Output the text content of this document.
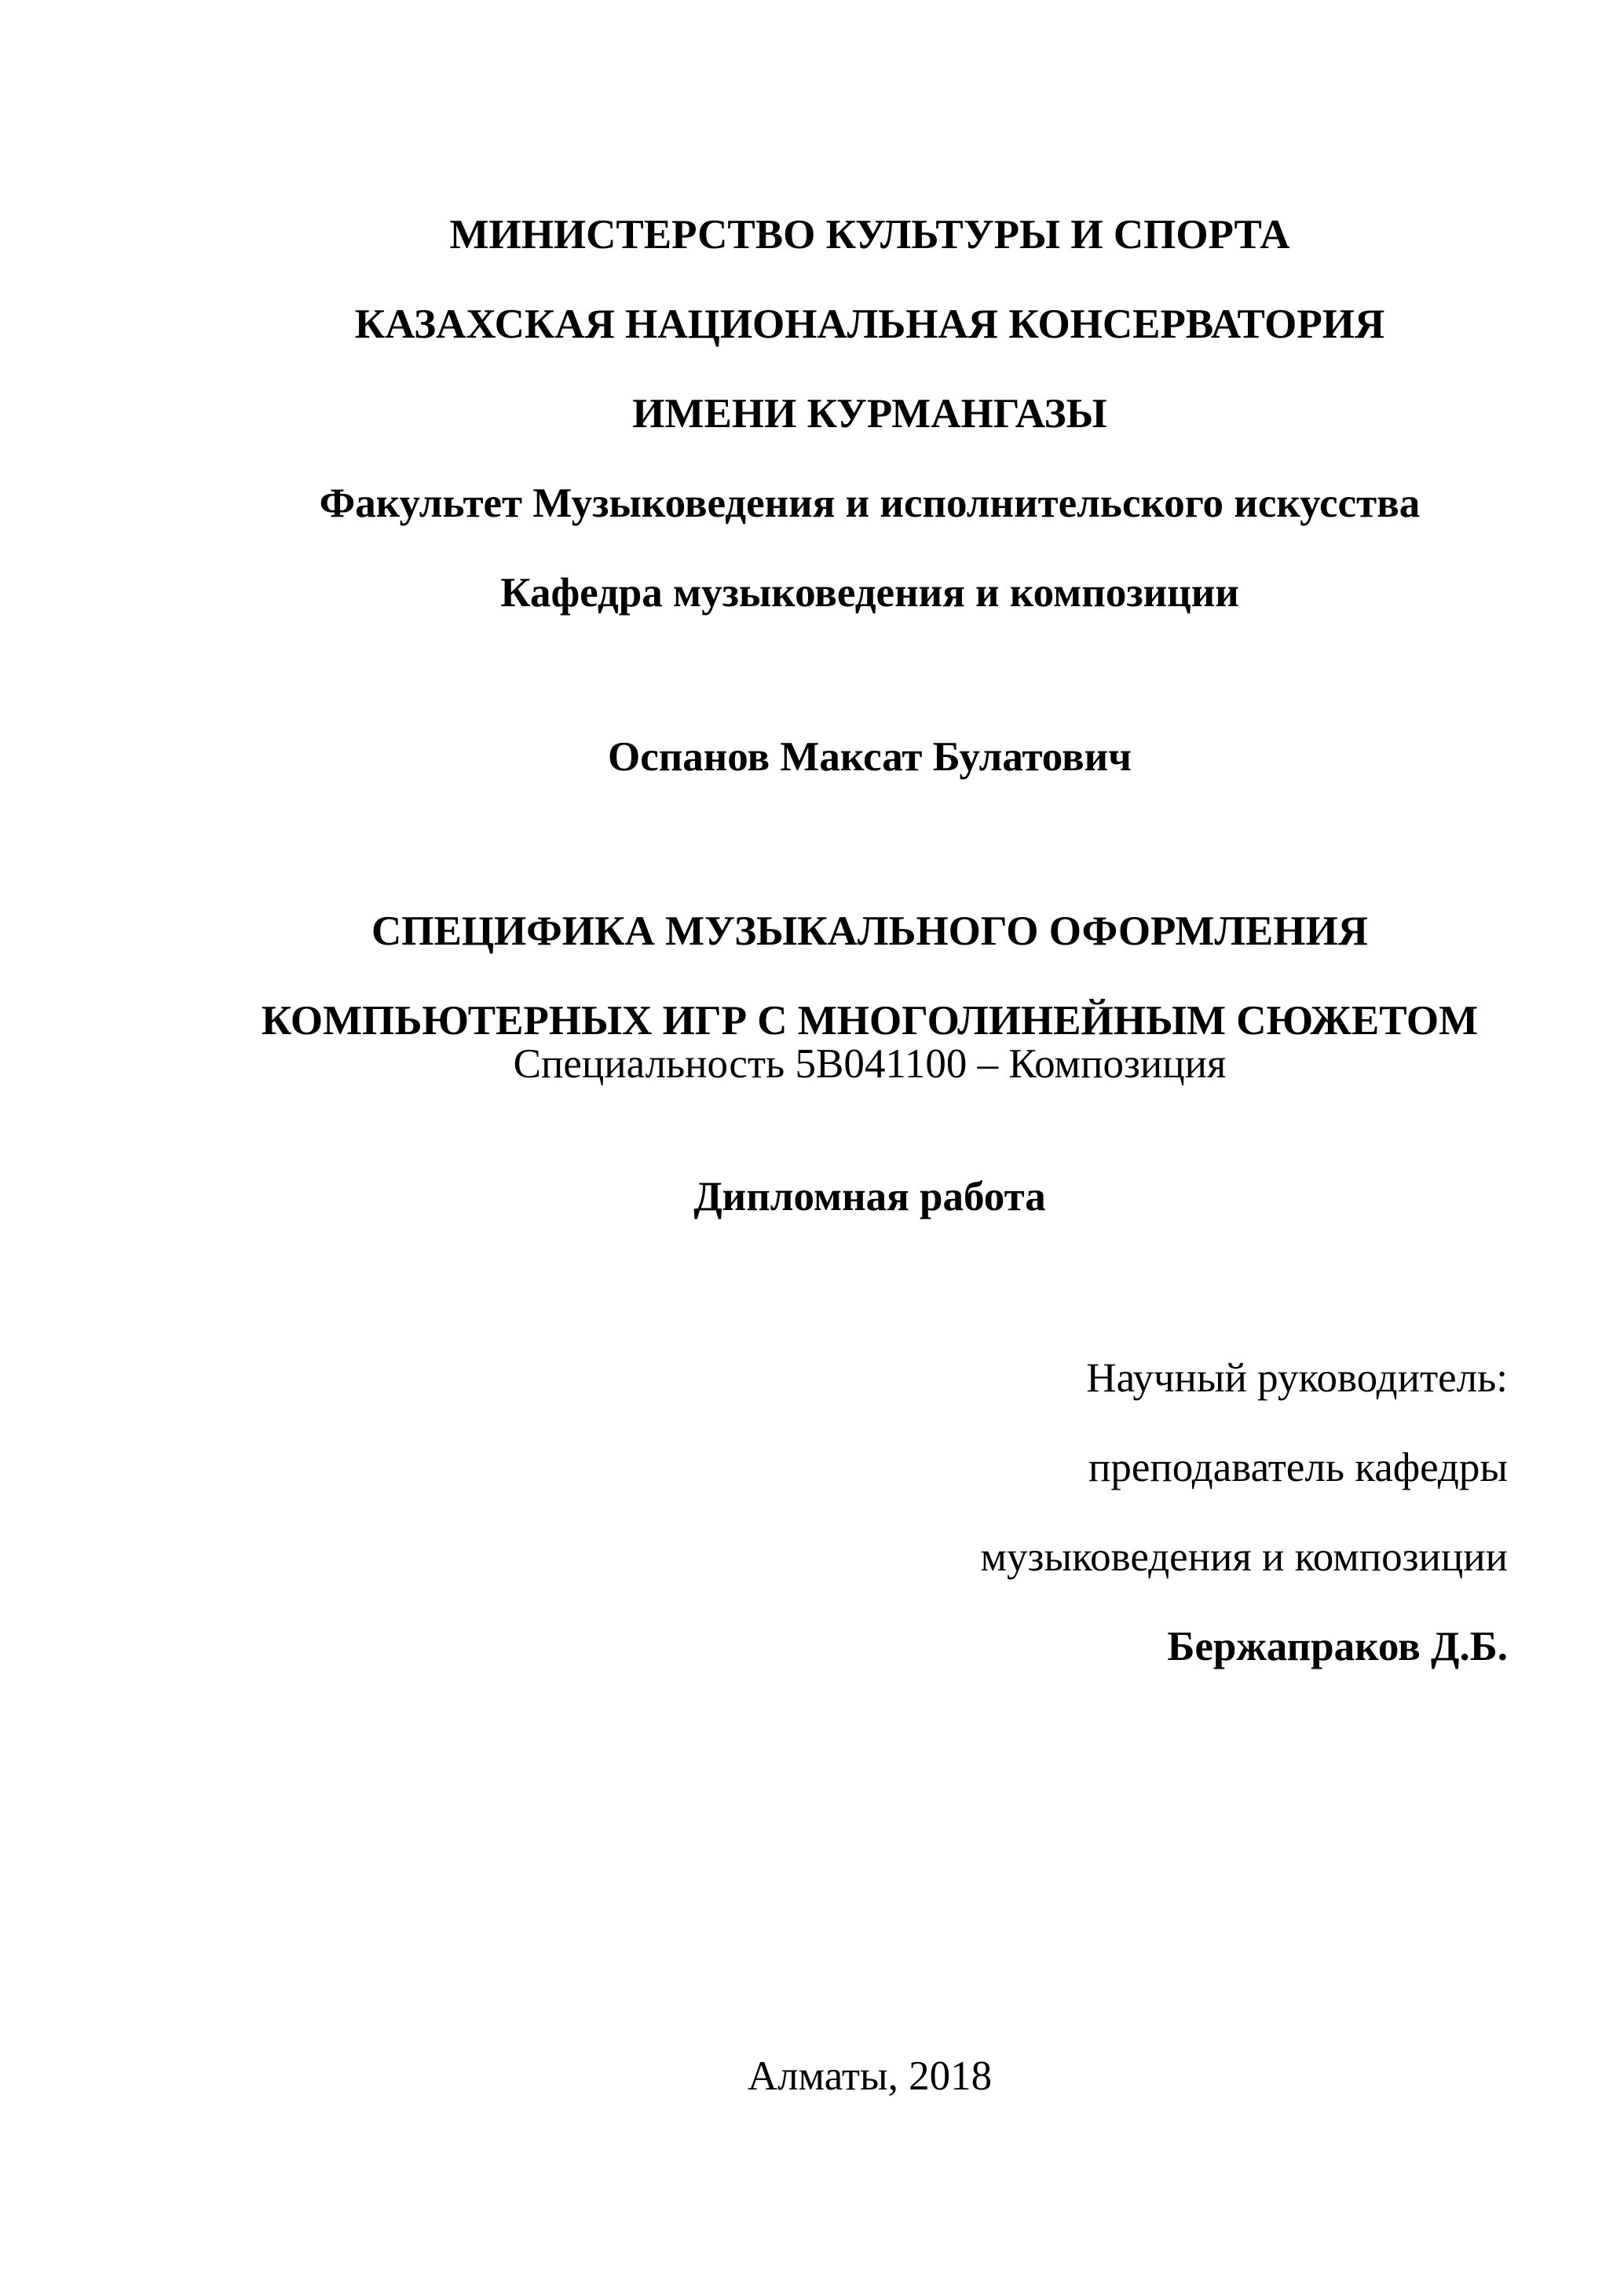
МИНИСТЕРСТВО КУЛЬТУРЫ И СПОРТА

КАЗАХСКАЯ НАЦИОНАЛЬНАЯ КОНСЕРВАТОРИЯ

ИМЕНИ КУРМАНГАЗЫ

Факультет Музыковедения и исполнительского искусства

Кафедра музыковедения и композиции

Оспанов Максат Булатович

СПЕЦИФИКА МУЗЫКАЛЬНОГО ОФОРМЛЕНИЯ

КОМПЬЮТЕРНЫХ ИГР С МНОГОЛИНЕЙНЫМ СЮЖЕТОМ

Специальность 5В041100 – Композиция
Дипломная работа

Научный руководитель:

преподаватель кафедры

музыковедения и композиции

Бержапраков Д.Б.

Алматы, 2018
